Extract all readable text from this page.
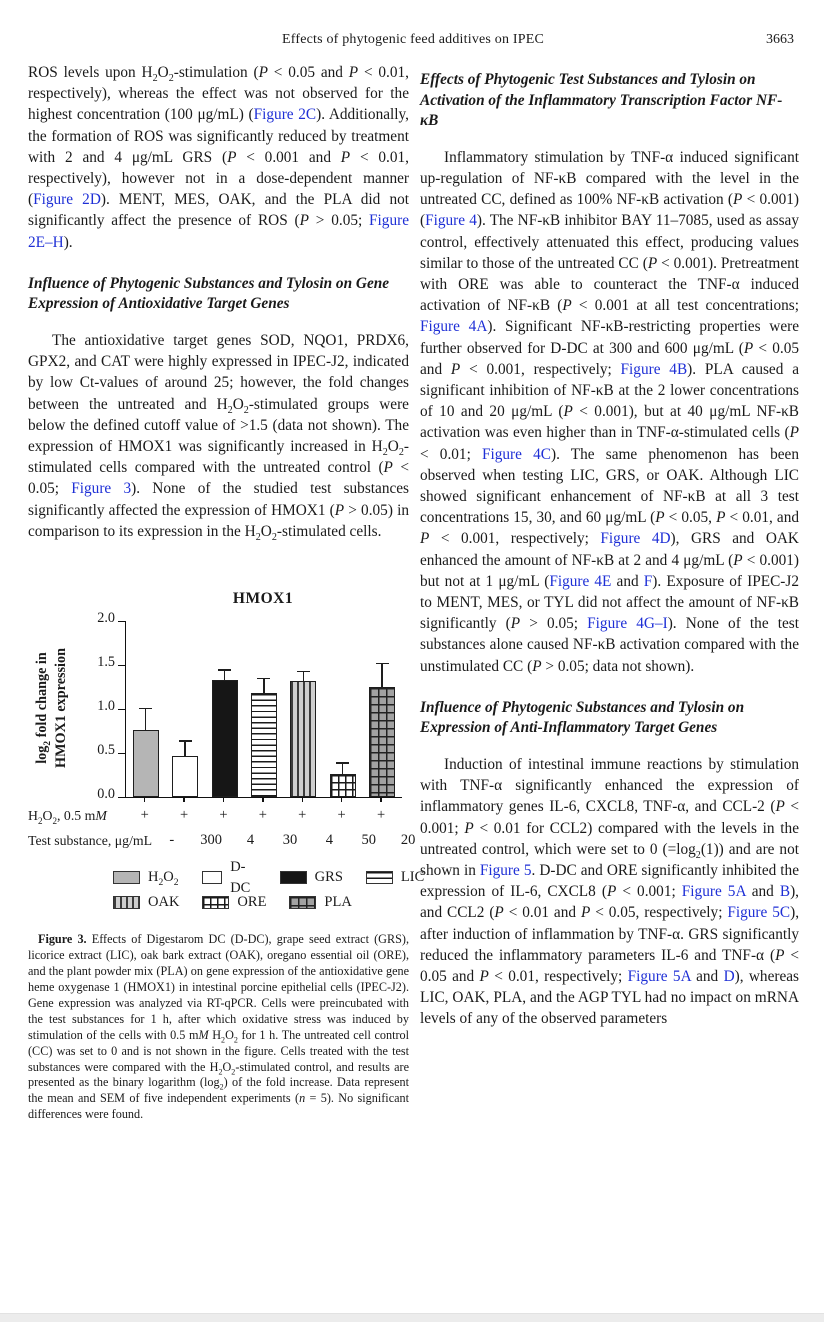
Effects of phytogenic feed additives on IPEC	3663

ROS levels upon $H_2O_2$-stimulation (P < 0.05 and P < 0.01, respectively), whereas the effect was not observed for the highest concentration (100 μg/mL) (Figure 2C). Additionally, the formation of ROS was significantly reduced by treatment with 2 and 4 μg/mL GRS (P < 0.001 and P < 0.01, respectively), however not in a dose-dependent manner (Figure 2D). MENT, MES, OAK, and the PLA did not significantly affect the presence of ROS (P > 0.05; Figure 2E–H).

Influence of Phytogenic Substances and Tylosin on Gene Expression of Antioxidative Target Genes

The antioxidative target genes SOD, NQO1, PRDX6, GPX2, and CAT were highly expressed in IPEC-J2, indicated by low Ct-values of around 25; however, the fold changes between the untreated and $H_2O_2$-stimulated groups were below the defined cutoff value of >1.5 (data not shown). The expression of HMOX1 was significantly increased in $H_2O_2$-stimulated cells compared with the untreated control (P < 0.05; Figure 3). None of the studied test substances significantly affected the expression of HMOX1 (P > 0.05) in comparison to its expression in the $H_2O_2$-stimulated cells.

HMOX1
$\log_2$ fold change in HMOX1 expression
0.0
0.5
1.0
1.5
2.0
$H_2O_2$, 0.5 mM	+	+	+	+	+	+	+
Test substance, μg/mL	-	300	4	30	4	50	20
$H_2O_2$
D-DC
GRS	LIC
OAK	ORE	PLA
Figure 3. Effects of Digestarom DC (D-DC), grape seed extract (GRS), licorice extract (LIC), oak bark extract (OAK), oregano essential oil (ORE), and the plant powder mix (PLA) on gene expression of the antioxidative gene heme oxygenase 1 (HMOX1) in intestinal porcine epithelial cells (IPEC-J2). Gene expression was analyzed via RT-qPCR. Cells were preincubated with the test substances for 1 h, after which oxidative stress was induced by stimulation of the cells with 0.5 mM $H_2O_2$ for 1 h. The untreated cell control (CC) was set to 0 and is not shown in the figure. Cells treated with the test substances were compared with the $H_2O_2$-stimulated control, and results are presented as the binary logarithm $(\log_2)$ of the fold increase. Data represent the mean and SEM of five independent experiments (n = 5). No significant differences were found.
Effects of Phytogenic Test Substances and Tylosin on Activation of the Inflammatory Transcription Factor NF-κB

Inflammatory stimulation by TNF-α induced significant up-regulation of NF-κB compared with the level in the untreated CC, defined as 100% NF-κB activation (P < 0.001) (Figure 4). The NF-κB inhibitor BAY 11–7085, used as assay control, effectively attenuated this effect, producing values similar to those of the untreated CC (P < 0.001). Pretreatment with ORE was able to counteract the TNF-α induced activation of NF-κB (P < 0.001 at all test concentrations; Figure 4A). Significant NF-κB-restricting properties were further observed for D-DC at 300 and 600 μg/mL (P < 0.05 and P < 0.001, respectively; Figure 4B). PLA caused a significant inhibition of NF-κB at the 2 lower concentrations of 10 and 20 μg/mL (P < 0.001), but at 40 μg/mL NF-κB activation was even higher than in TNF-α-stimulated cells (P < 0.01; Figure 4C). The same phenomenon has been observed when testing LIC, GRS, or OAK. Although LIC showed significant enhancement of NF-κB at all 3 test concentrations 15, 30, and 60 μg/mL (P < 0.05, P < 0.01, and P < 0.001, respectively; Figure 4D), GRS and OAK enhanced the amount of NF-κB at 2 and 4 μg/mL (P < 0.001) but not at 1 μg/mL (Figure 4E and F). Exposure of IPEC-J2 to MENT, MES, or TYL did not affect the amount of NF-κB significantly (P > 0.05; Figure 4G–I). None of the test substances alone caused NF-κB activation compared with the unstimulated CC (P > 0.05; data not shown).

Influence of Phytogenic Substances and Tylosin on Expression of Anti-Inflammatory Target Genes

Induction of intestinal immune reactions by stimulation with TNF-α significantly enhanced the expression of inflammatory genes IL-6, CXCL8, TNF-α, and CCL-2 (P < 0.001; P < 0.01 for CCL2) compared with the levels in the untreated control, which were set to 0 $(=\log_2(1))$ and are not shown in Figure 5. D-DC and ORE significantly inhibited the expression of IL-6, CXCL8 (P < 0.001; Figure 5A and B), and CCL2 (P < 0.01 and P < 0.05, respectively; Figure 5C), after induction of inflammation by TNF-α. GRS significantly reduced the inflammatory parameters IL-6 and TNF-α (P < 0.05 and P < 0.01, respectively; Figure 5A and D), whereas LIC, OAK, PLA, and the AGP TYL had no impact on mRNA levels of any of the observed parameters
